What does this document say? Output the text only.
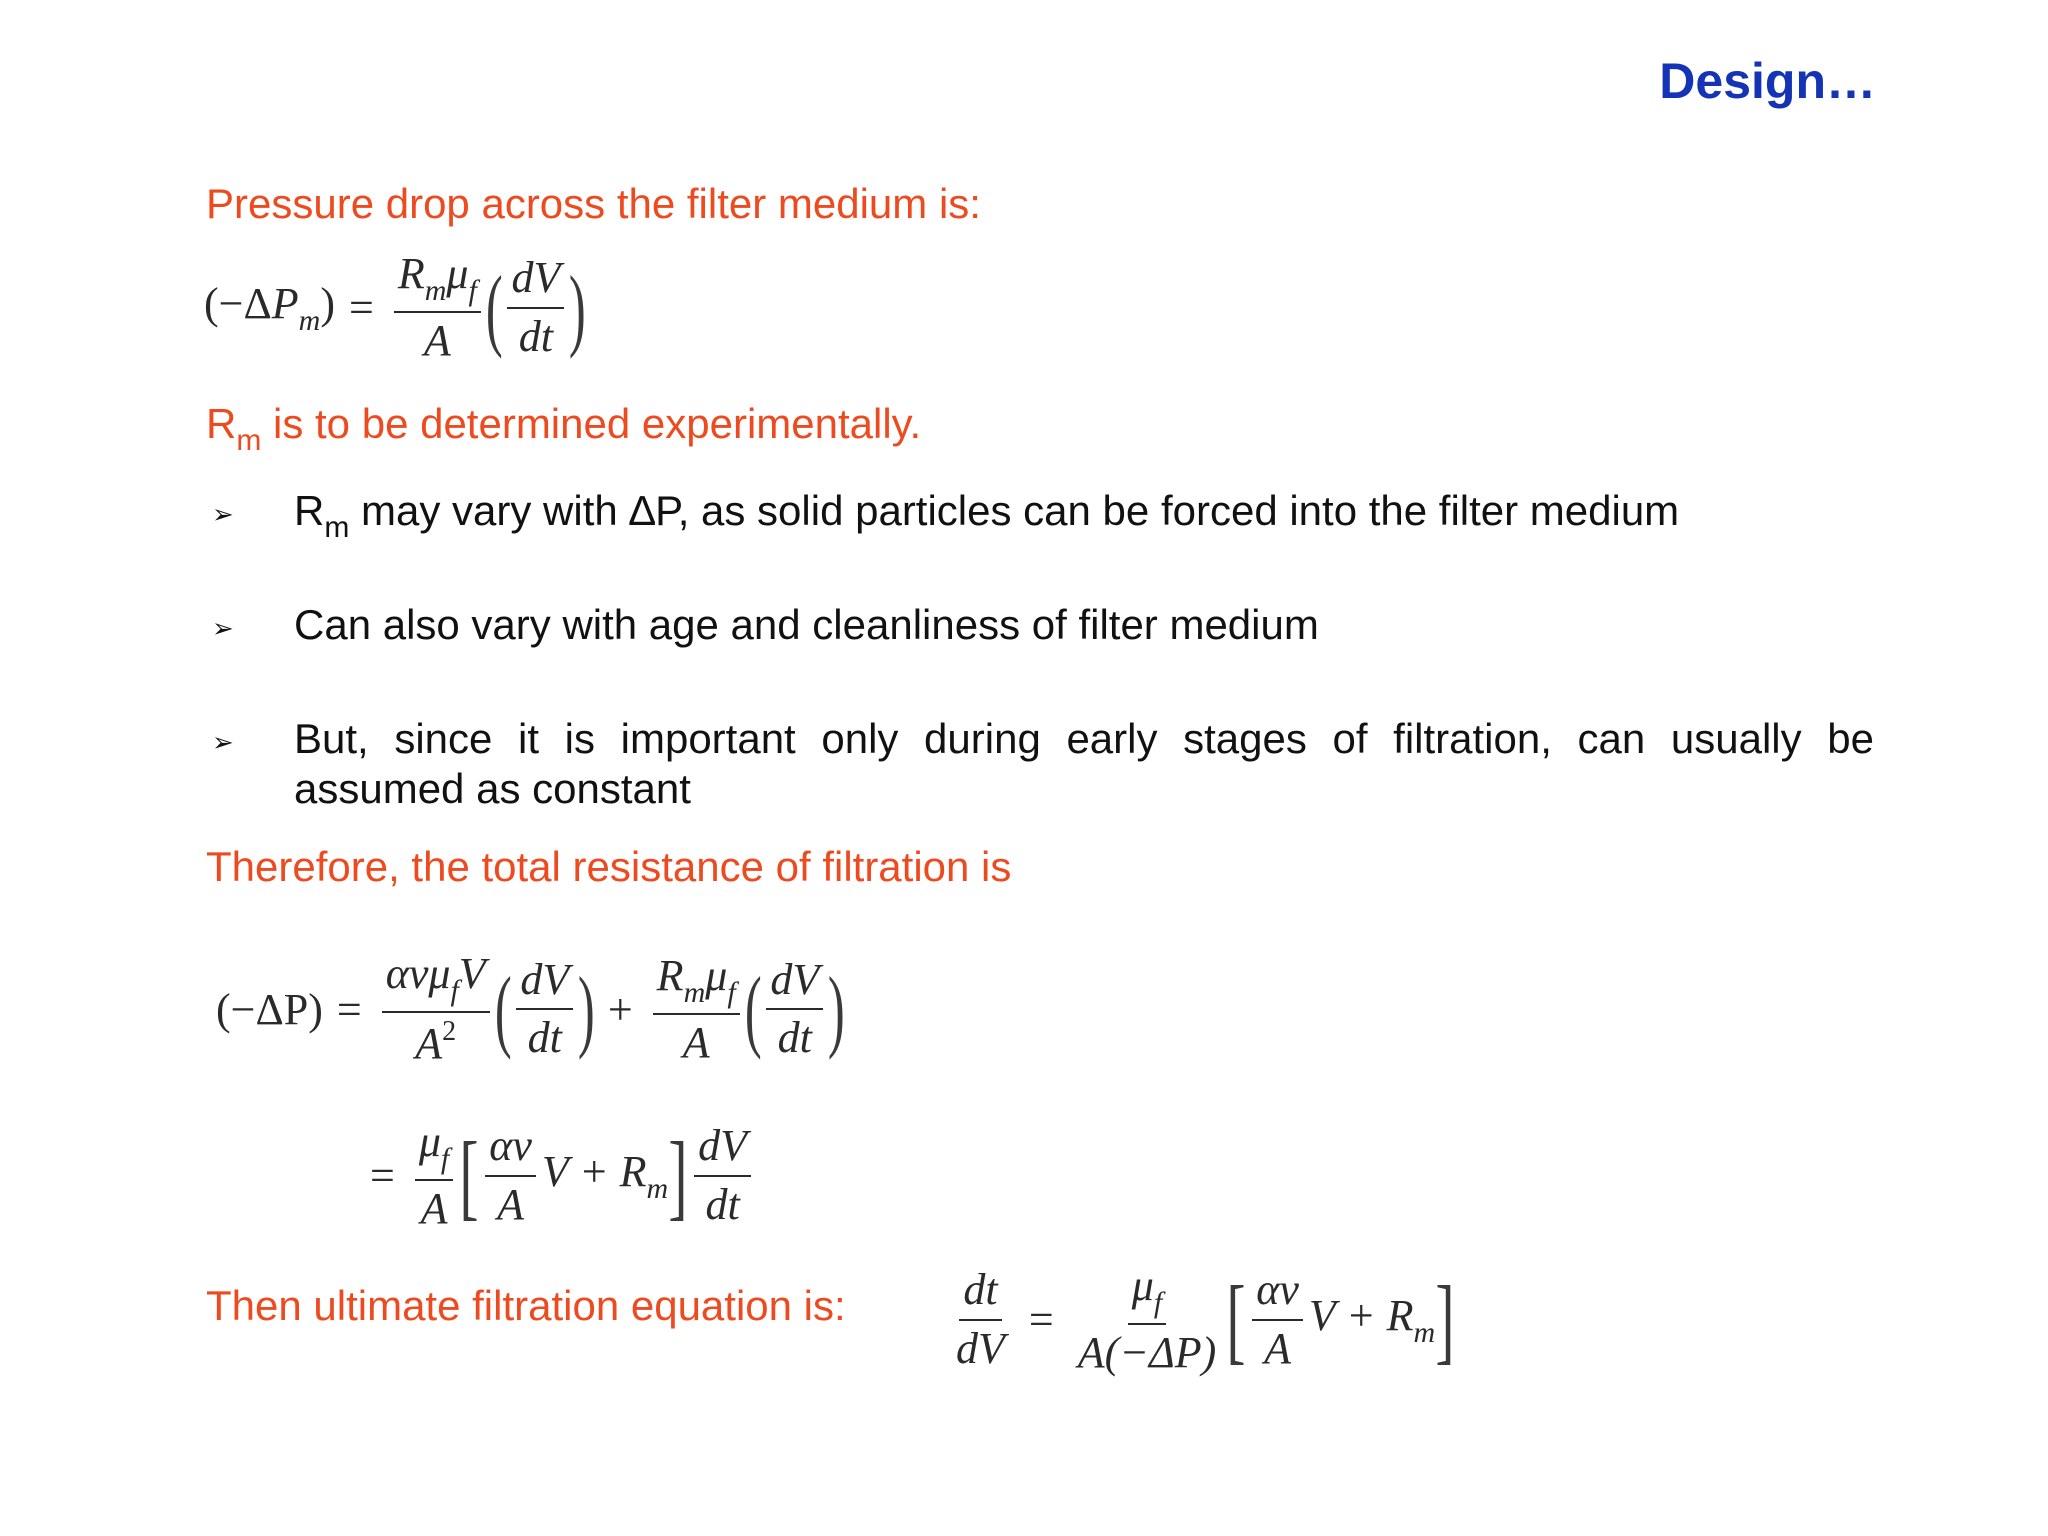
Design…
Pressure drop across the filter medium is:
$(-\Delta P_m) = \frac{R_m\mu_f}{A}$ ( $\frac{dV}{dt}$ )
$R_m$ is to be determined experimentally.
➢ $R_m$ may vary with ∆P, as solid particles can be forced into the filter medium
➢ Can also vary with age and cleanliness of filter medium
➢ But, since it is important only during early stages of filtration, can usually be assumed as constant
Therefore, the total resistance of filtration is
$(-\Delta P) = \frac{\alpha v\mu_fV}{A^2}$ ( $\frac{dV}{dt}$ ) + $\frac{R_m\mu_f}{A}$ ( $\frac{dV}{dt}$ )
= $\frac{\mu_f}{A}$ [ $\frac{\alpha v}{A}$ $V + R_m$ ] $\frac{dV}{dt}$
Then ultimate filtration equation is: $\frac{dt}{dV} = \frac{\mu_f}{A(-\Delta P)}$ [ $\frac{\alpha v}{A}$ $V + R_m$ ]
